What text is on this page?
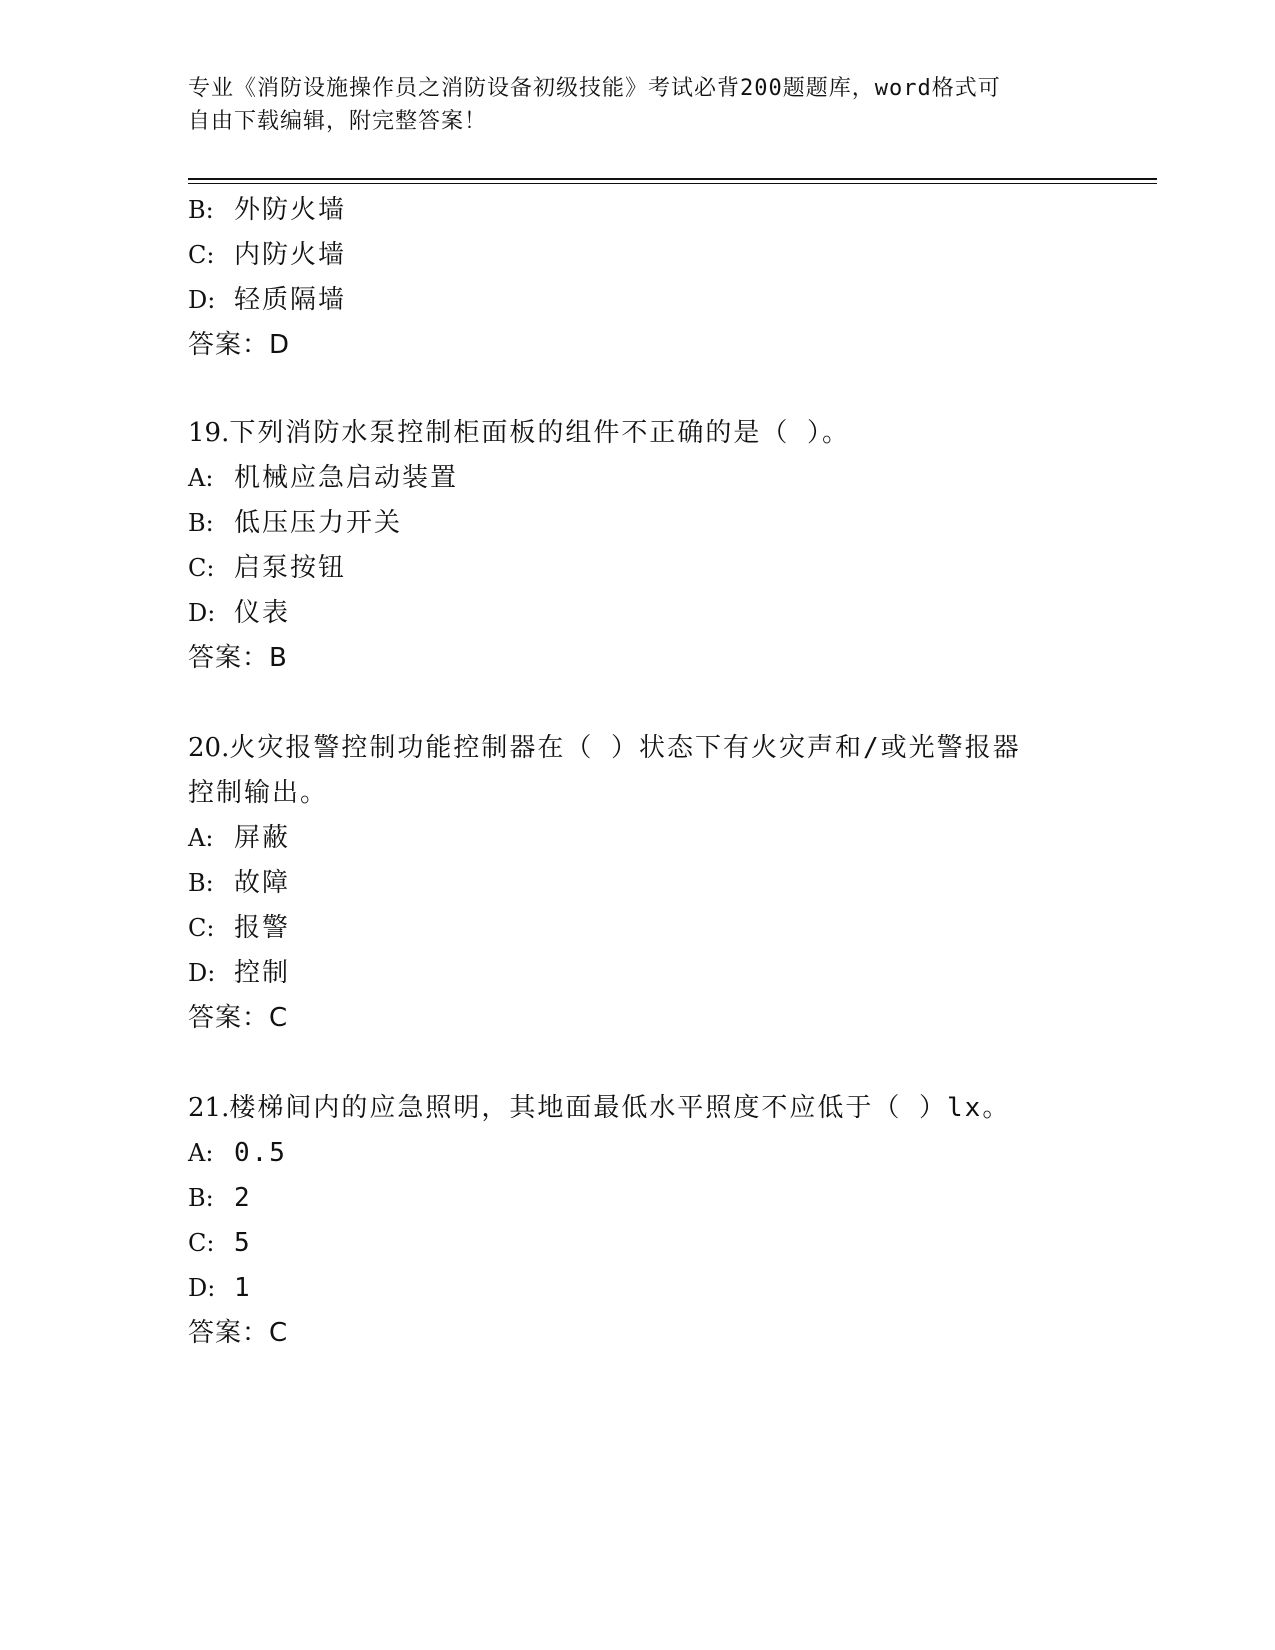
专业《消防设施操作员之消防设备初级技能》考试必背200题题库，word格式可
自由下载编辑，附完整答案！
B: 外防火墙
C: 内防火墙
D: 轻质隔墙
答案：D
19.下列消防水泵控制柜面板的组件不正确的是（ ）。
A: 机械应急启动装置
B: 低压压力开关
C: 启泵按钮
D: 仪表
答案：B
20.火灾报警控制功能控制器在（ ）状态下有火灾声和/或光警报器
控制输出。
A: 屏蔽
B: 故障
C: 报警
D: 控制
答案：C
21.楼梯间内的应急照明，其地面最低水平照度不应低于（ ）lx。
A: 0.5
B: 2
C: 5
D: 1
答案：C
